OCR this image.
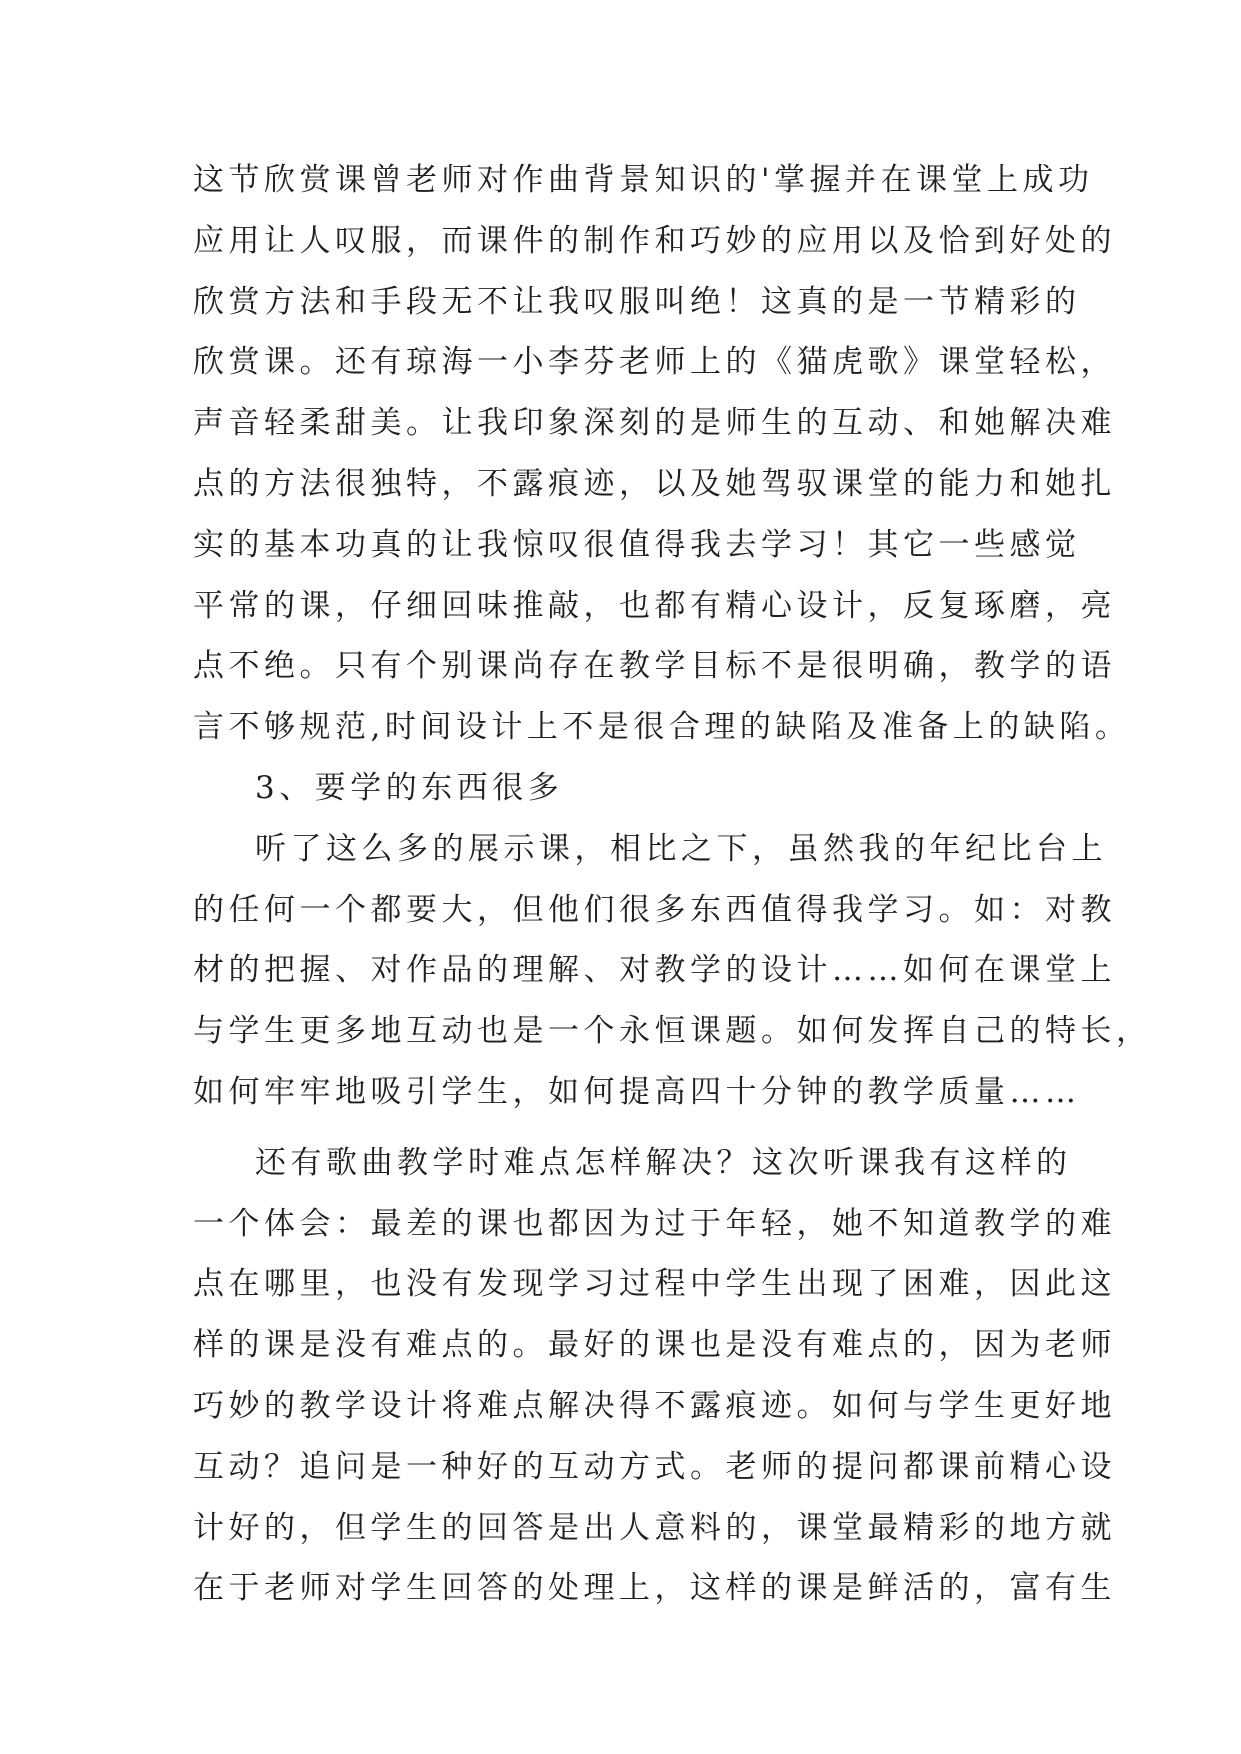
这节欣赏课曾老师对作曲背景知识的'掌握并在课堂上成功
应用让人叹服，而课件的制作和巧妙的应用以及恰到好处的
欣赏方法和手段无不让我叹服叫绝！这真的是一节精彩的
欣赏课。还有琼海一小李芬老师上的《猫虎歌》课堂轻松，
声音轻柔甜美。让我印象深刻的是师生的互动、和她解决难
点的方法很独特，不露痕迹，以及她驾驭课堂的能力和她扎
实的基本功真的让我惊叹很值得我去学习！其它一些感觉
平常的课，仔细回味推敲，也都有精心设计，反复琢磨，亮
点不绝。只有个别课尚存在教学目标不是很明确，教学的语
言不够规范,时间设计上不是很合理的缺陷及准备上的缺陷。
3、要学的东西很多
听了这么多的展示课，相比之下，虽然我的年纪比台上
的任何一个都要大，但他们很多东西值得我学习。如：对教
材的把握、对作品的理解、对教学的设计……如何在课堂上
与学生更多地互动也是一个永恒课题。如何发挥自己的特长，
如何牢牢地吸引学生，如何提高四十分钟的教学质量……
还有歌曲教学时难点怎样解决？这次听课我有这样的
一个体会：最差的课也都因为过于年轻，她不知道教学的难
点在哪里，也没有发现学习过程中学生出现了困难，因此这
样的课是没有难点的。最好的课也是没有难点的，因为老师
巧妙的教学设计将难点解决得不露痕迹。如何与学生更好地
互动？追问是一种好的互动方式。老师的提问都课前精心设
计好的，但学生的回答是出人意料的，课堂最精彩的地方就
在于老师对学生回答的处理上，这样的课是鲜活的，富有生
